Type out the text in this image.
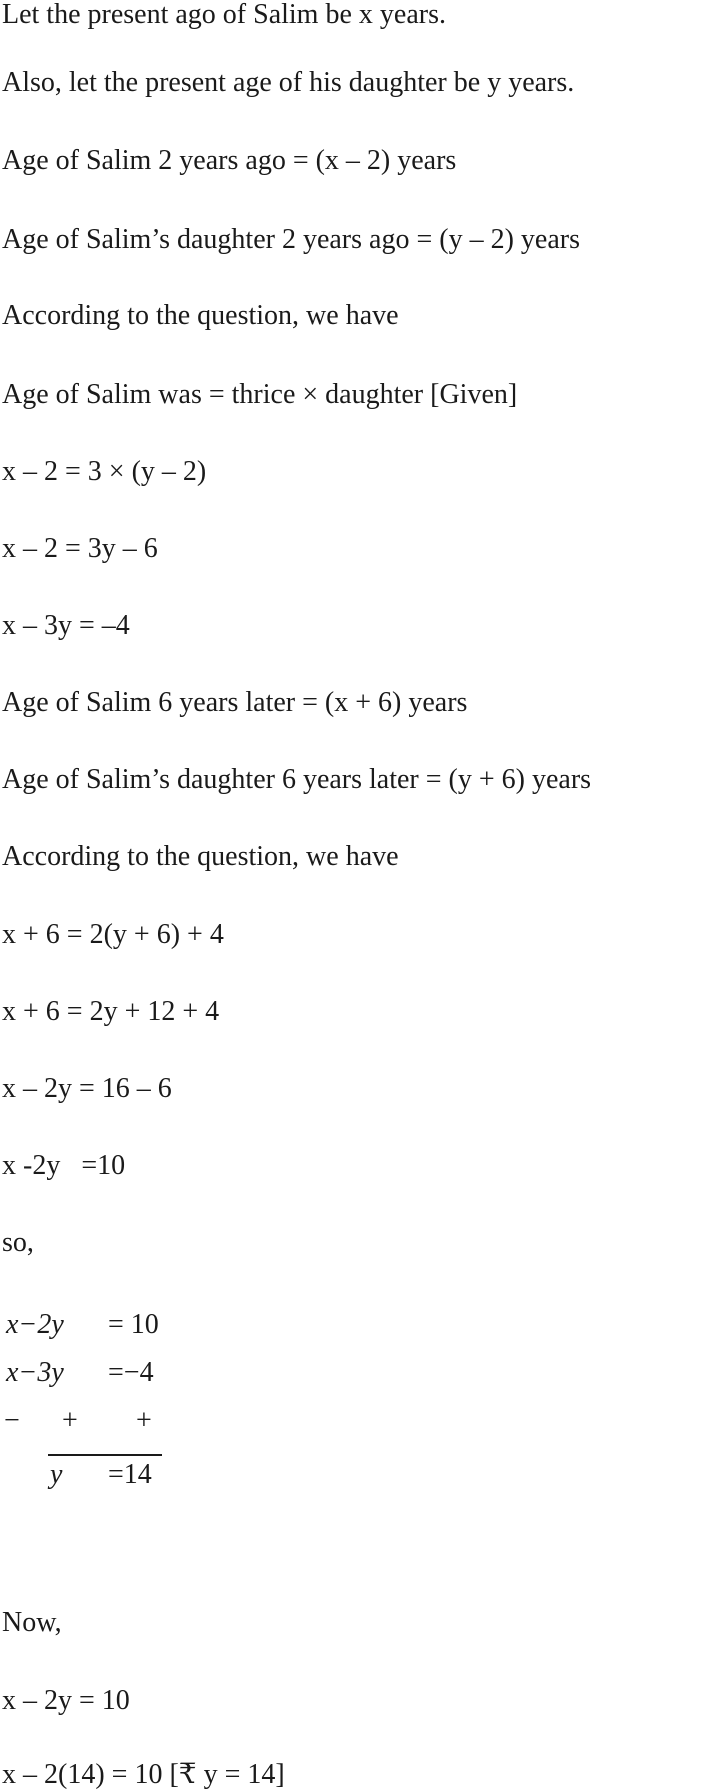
Let the present ago of Salim be x years.
Also, let the present age of his daughter be y years.
Age of Salim 2 years ago = (x – 2) years
Age of Salim’s daughter 2 years ago = (y – 2) years
According to the question, we have
Age of Salim was = thrice × daughter [Given]
x – 2 = 3 × (y – 2)
x – 2 = 3y – 6
x – 3y = –4
Age of Salim 6 years later = (x + 6) years
Age of Salim’s daughter 6 years later = (y + 6) years
According to the question, we have
x + 6 = 2(y + 6) + 4
x + 6 = 2y + 12 + 4
x – 2y = 16 – 6
x -2y   =10
so,
x−2y = 10
x−3y =−4
− + +
y =14
Now,
x – 2y = 10
x – 2(14) = 10 [₹ y = 14]
